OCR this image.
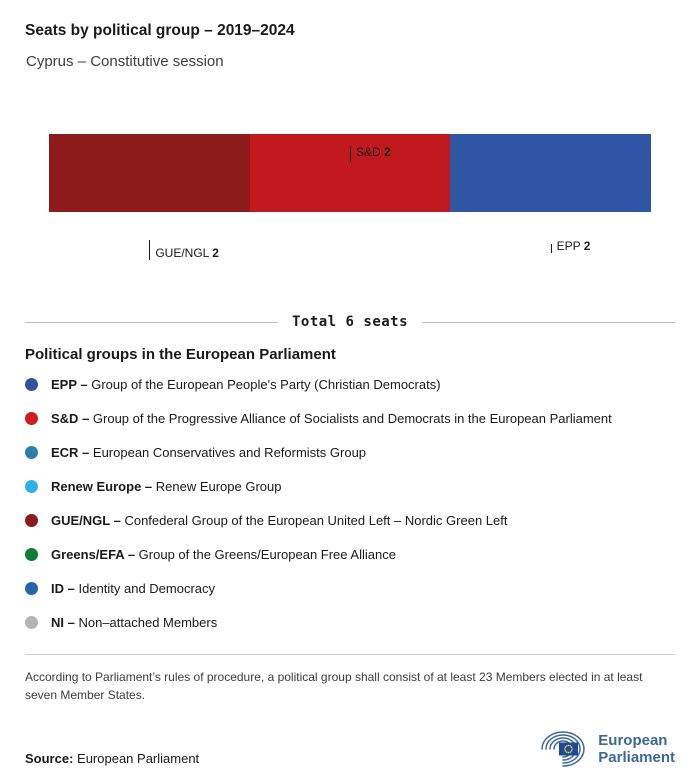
Seats by political group – 2019–2024
Cyprus – Constitutive session
GUE/NGL 2
S&D 2
EPP 2
Total 6 seats
Political groups in the European Parliament
EPP – Group of the European People's Party (Christian Democrats)
S&D – Group of the Progressive Alliance of Socialists and Democrats in the European Parliament
ECR – European Conservatives and Reformists Group
Renew Europe – Renew Europe Group
GUE/NGL – Confederal Group of the European United Left – Nordic Green Left
Greens/EFA – Group of the Greens/European Free Alliance
ID – Identity and Democracy
NI – Non–attached Members

According to Parliament’s rules of procedure, a political group shall consist of at least 23 Members elected in at least seven Member States.

Source: European Parliament

European
Parliament
